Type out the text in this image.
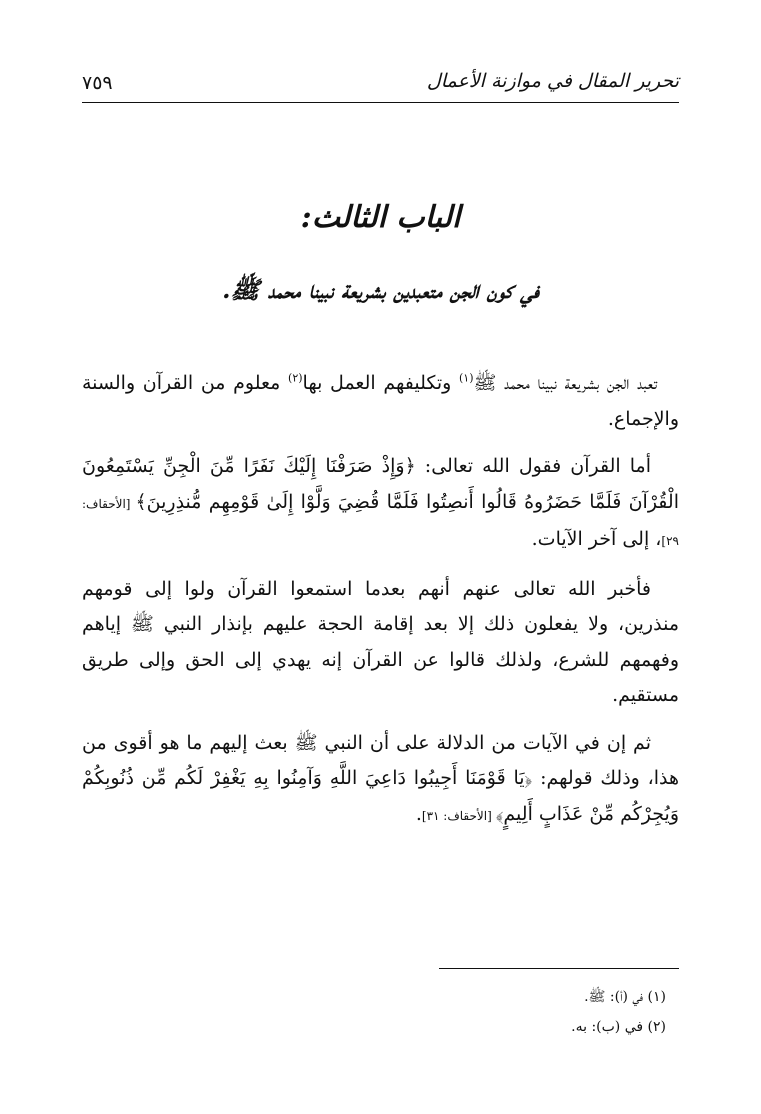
تحرير المقال في موازنة الأعمال
٧٥٩
الباب الثالث:
في كون الجن متعبدين بشريعة نبينا محمد ﷺ.

تعبد الجن بشريعة نبينا محمد ﷺ$^{(١)}$ وتكليفهم العمل بها$^{(٢)}$ معلوم من القرآن والسنة والإجماع.

أما القرآن فقول الله تعالى: ﴿وَإِذْ صَرَفْنَا إِلَيْكَ نَفَرًا مِّنَ الْجِنِّ يَسْتَمِعُونَ الْقُرْآنَ فَلَمَّا حَضَرُوهُ قَالُوا أَنصِتُوا فَلَمَّا قُضِيَ وَلَّوْا إِلَىٰ قَوْمِهِم مُّنذِرِينَ﴾ [الأحقاف: ٢٩]، إلى آخر الآيات.

فأخبر الله تعالى عنهم أنهم بعدما استمعوا القرآن ولوا إلى قومهم منذرين، ولا يفعلون ذلك إلا بعد إقامة الحجة عليهم بإنذار النبي ﷺ إياهم وفهمهم للشرع، ولذلك قالوا عن القرآن إنه يهدي إلى الحق وإلى طريق مستقيم.

ثم إن في الآيات من الدلالة على أن النبي ﷺ بعث إليهم ما هو أقوى من هذا، وذلك قولهم: ﴿يَا قَوْمَنَا أَجِيبُوا دَاعِيَ اللَّهِ وَآمِنُوا بِهِ يَغْفِرْ لَكُم مِّن ذُنُوبِكُمْ وَيُجِرْكُم مِّنْ عَذَابٍ أَلِيمٍ﴾ [الأحقاف: ٣١].

(١) في (أ): ﷺ.

(٢) في (ب): به.
